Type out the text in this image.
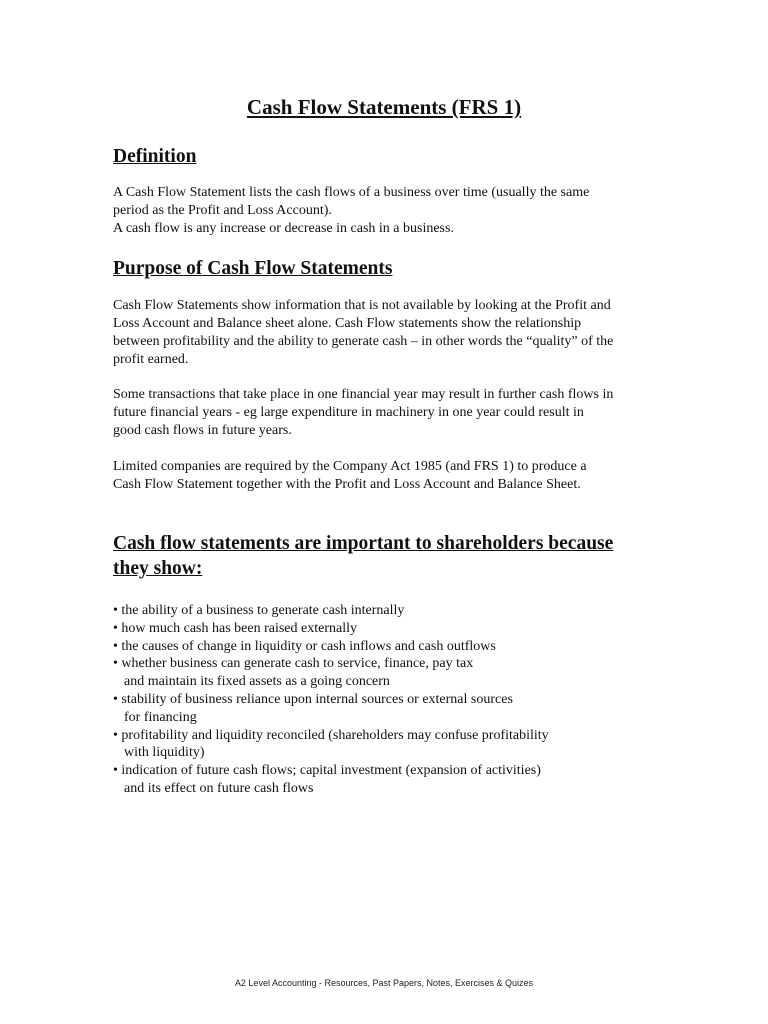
Cash Flow Statements (FRS 1)
Definition

A Cash Flow Statement lists the cash flows of a business over time (usually the same
period as the Profit and Loss Account).
A cash flow is any increase or decrease in cash in a business.

Purpose of Cash Flow Statements

Cash Flow Statements show information that is not available by looking at the Profit and
Loss Account and Balance sheet alone. Cash Flow statements show the relationship
between profitability and the ability to generate cash – in other words the “quality” of the
profit earned.

Some transactions that take place in one financial year may result in further cash flows in
future financial years - eg large expenditure in machinery in one year could result in
good cash flows in future years.

Limited companies are required by the Company Act 1985 (and FRS 1) to produce a
Cash Flow Statement together with the Profit and Loss Account and Balance Sheet.

Cash flow statements are important to shareholders because
they show:
• the ability of a business to generate cash internally
• how much cash has been raised externally
• the causes of change in liquidity or cash inflows and cash outflows
• whether business can generate cash to service, finance, pay tax
and maintain its fixed assets as a going concern
• stability of business reliance upon internal sources or external sources
for financing
• profitability and liquidity reconciled (shareholders may confuse profitability
with liquidity)
• indication of future cash flows; capital investment (expansion of activities)
and its effect on future cash flows
A2 Level Accounting - Resources, Past Papers, Notes, Exercises & Quizes
